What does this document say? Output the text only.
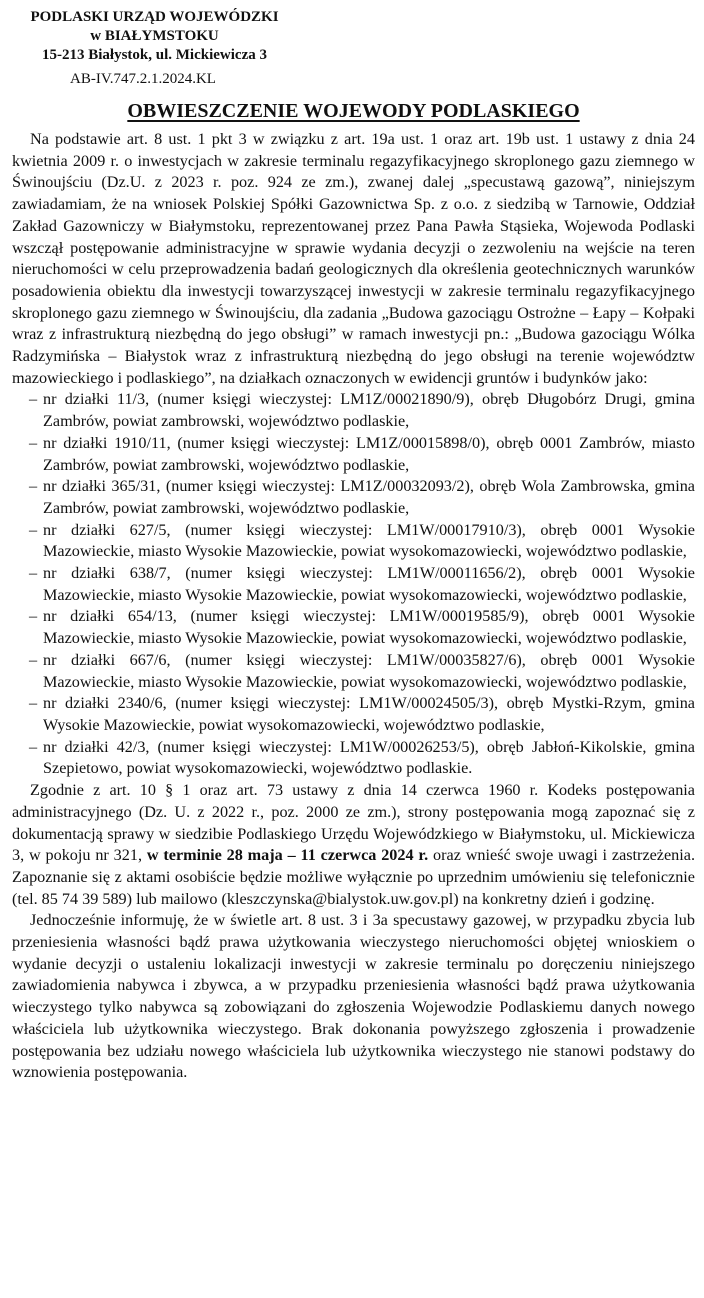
PODLASKI URZĄD WOJEWÓDZKI
w BIAŁYMSTOKU
15-213 Białystok, ul. Mickiewicza 3
AB-IV.747.2.1.2024.KL
OBWIESZCZENIE WOJEWODY PODLASKIEGO

Na podstawie art. 8 ust. 1 pkt 3 w związku z art. 19a ust. 1 oraz art. 19b ust. 1 ustawy z dnia 24 kwietnia 2009 r. o inwestycjach w zakresie terminalu regazyfikacyjnego skroplonego gazu ziemnego w Świnoujściu (Dz.U. z 2023 r. poz. 924 ze zm.), zwanej dalej „specustawą gazową”, niniejszym zawiadamiam, że na wniosek Polskiej Spółki Gazownictwa Sp. z o.o. z siedzibą w Tarnowie, Oddział Zakład Gazowniczy w Białymstoku, reprezentowanej przez Pana Pawła Stąsieka, Wojewoda Podlaski wszczął postępowanie administracyjne w sprawie wydania decyzji o zezwoleniu na wejście na teren nieruchomości w celu przeprowadzenia badań geologicznych dla określenia geotechnicznych warunków posadowienia obiektu dla inwestycji towarzyszącej inwestycji w zakresie terminalu regazyfikacyjnego skroplonego gazu ziemnego w Świnoujściu, dla zadania „Budowa gazociągu Ostrożne – Łapy – Kołpaki wraz z infrastrukturą niezbędną do jego obsługi” w ramach inwestycji pn.: „Budowa gazociągu Wólka Radzymińska – Białystok wraz z infrastrukturą niezbędną do jego obsługi na terenie województw mazowieckiego i podlaskiego”, na działkach oznaczonych w ewidencji gruntów i budynków jako:

– nr działki 11/3, (numer księgi wieczystej: LM1Z/00021890/9), obręb Długobórz Drugi, gmina Zambrów, powiat zambrowski, województwo podlaskie,
– nr działki 1910/11, (numer księgi wieczystej: LM1Z/00015898/0), obręb 0001 Zambrów, miasto Zambrów, powiat zambrowski, województwo podlaskie,
– nr działki 365/31, (numer księgi wieczystej: LM1Z/00032093/2), obręb Wola Zambrowska, gmina Zambrów, powiat zambrowski, województwo podlaskie,
– nr działki 627/5, (numer księgi wieczystej: LM1W/00017910/3), obręb 0001 Wysokie Mazowieckie, miasto Wysokie Mazowieckie, powiat wysokomazowiecki, województwo podlaskie,
– nr działki 638/7, (numer księgi wieczystej: LM1W/00011656/2), obręb 0001 Wysokie Mazowieckie, miasto Wysokie Mazowieckie, powiat wysokomazowiecki, województwo podlaskie,
– nr działki 654/13, (numer księgi wieczystej: LM1W/00019585/9), obręb 0001 Wysokie Mazowieckie, miasto Wysokie Mazowieckie, powiat wysokomazowiecki, województwo podlaskie,
– nr działki 667/6, (numer księgi wieczystej: LM1W/00035827/6), obręb 0001 Wysokie Mazowieckie, miasto Wysokie Mazowieckie, powiat wysokomazowiecki, województwo podlaskie,
– nr działki 2340/6, (numer księgi wieczystej: LM1W/00024505/3), obręb Mystki-Rzym, gmina Wysokie Mazowieckie, powiat wysokomazowiecki, województwo podlaskie,
– nr działki 42/3, (numer księgi wieczystej: LM1W/00026253/5), obręb Jabłoń-Kikolskie, gmina Szepietowo, powiat wysokomazowiecki, województwo podlaskie.

Zgodnie z art. 10 § 1 oraz art. 73 ustawy z dnia 14 czerwca 1960 r. Kodeks postępowania administracyjnego (Dz. U. z 2022 r., poz. 2000 ze zm.), strony postępowania mogą zapoznać się z dokumentacją sprawy w siedzibie Podlaskiego Urzędu Wojewódzkiego w Białymstoku, ul. Mickiewicza 3, w pokoju nr 321, w terminie 28 maja – 11 czerwca 2024 r. oraz wnieść swoje uwagi i zastrzeżenia. Zapoznanie się z aktami osobiście będzie możliwe wyłącznie po uprzednim umówieniu się telefonicznie (tel. 85 74 39 589) lub mailowo (kleszczynska@bialystok.uw.gov.pl) na konkretny dzień i godzinę.

Jednocześnie informuję, że w świetle art. 8 ust. 3 i 3a specustawy gazowej, w przypadku zbycia lub przeniesienia własności bądź prawa użytkowania wieczystego nieruchomości objętej wnioskiem o wydanie decyzji o ustaleniu lokalizacji inwestycji w zakresie terminalu po doręczeniu niniejszego zawiadomienia nabywca i zbywca, a w przypadku przeniesienia własności bądź prawa użytkowania wieczystego tylko nabywca są zobowiązani do zgłoszenia Wojewodzie Podlaskiemu danych nowego właściciela lub użytkownika wieczystego. Brak dokonania powyższego zgłoszenia i prowadzenie postępowania bez udziału nowego właściciela lub użytkownika wieczystego nie stanowi podstawy do wznowienia postępowania.
